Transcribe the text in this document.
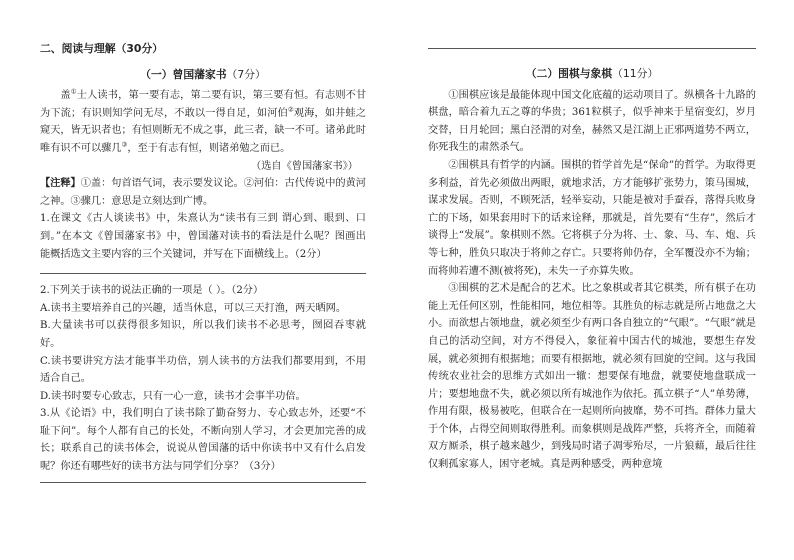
二、阅读与理解（30分）
（一）曾国藩家书（7分）

盖①士人读书，第一要有志，第二要有识，第三要有恒。有志则不甘为下流；有识则知学问无尽，不敢以一得自足，如河伯②观海，如井蛙之窥天，皆无识者也；有恒则断无不成之事，此三者，缺一不可。诸弟此时唯有识不可以骤几③，至于有志有恒，则诸弟勉之而已。

（选自《曾国藩家书》）

【注释】①盖：句首语气词，表示要发议论。②河伯：古代传说中的黄河之神。③骤几：意思是立刻达到广博。

1.在课文《古人谈读书》中，朱熹认为“读书有三到 谓心到、眼到、口到。”在本文《曾国藩家书》中，曾国藩对读书的看法是什么呢？图画出能概括选文主要内容的三个关键词，并写在下面横线上。（2分）

2.下列关于读书的说法正确的一项是（ ）。（2分）

A.读书主要培养自己的兴趣，适当休息，可以三天打渔，两天晒网。

B.大量读书可以获得很多知识，所以我们读书不必思考，囫囵吞枣就好。

C.读书要讲究方法才能事半功倍，别人读书的方法我们都要用到，不用适合自己。

D.读书时要专心致志，只有一心一意，读书才会事半功倍。

3.从《论语》中，我们明白了读书除了勤奋努力、专心致志外，还要“不耻下问”。每个人都有自己的长处，不断向别人学习，才会更加完善的成长；联系自己的读书体会，说说从曾国藩的话中你读书中又有什么启发呢？你还有哪些好的读书方法与同学们分享？（3分）

（二）围棋与象棋（11分）

①围棋应该是最能体现中国文化底蕴的运动项目了。纵横各十九路的棋盘，暗合着九五之尊的华贵；361粒棋子，似乎神来于星宿变幻，岁月交替，日月轮回；黑白泾渭的对垒，赫然又是江湖上正邪两道势不两立，你死我生的肃然杀气。

②围棋具有哲学的内涵。围棋的哲学首先是“保命”的哲学。为取得更多利益，首先必须做出两眼，就地求活，方才能够扩张势力，策马围城，谋求发展。否则，不顾死活，轻举妄动，只能是被对手蚕吞，落得兵败身亡的下场，如果套用时下的话来诠释，那就是，首先要有“生存”，然后才谈得上“发展”。象棋则不然。它将棋子分为将、士、象、马、车、炮、兵等七种，胜负只取决于将帅之存亡。只要将帅仍存，全军覆没亦不为输；而将帅若遭不测(被将死)，未失一子亦算失败。

③围棋的艺术是配合的艺术。比之象棋或者其它棋类，所有棋子在功能上无任何区别，性能相同，地位相等。其胜负的标志就是所占地盘之大小。而欲想占领地盘，就必须至少有两口各自独立的“气眼”。“气眼”就是自己的活动空间，对方不得侵入，象征着中国古代的城池，要想生存发展，就必须拥有根据地；而要有根据地，就必须有回旋的空间。这与我国传统农业社会的思维方式如出一辙：想要保有地盘，就要使地盘联成一片；要想地盘不失，就必须以所有城池作为依托。孤立棋子“人”单势薄，作用有限，极易被吃，但联合在一起则所向披靡，势不可挡。群体力量大于个体，占得空间则取得胜利。而象棋则是战阵严整，兵将齐全，而随着双方厮杀，棋子越来越少，到残局时诸子凋零殆尽，一片狼藉，最后往往仅剩孤家寡人，困守老城。真是两种感受，两种意境
